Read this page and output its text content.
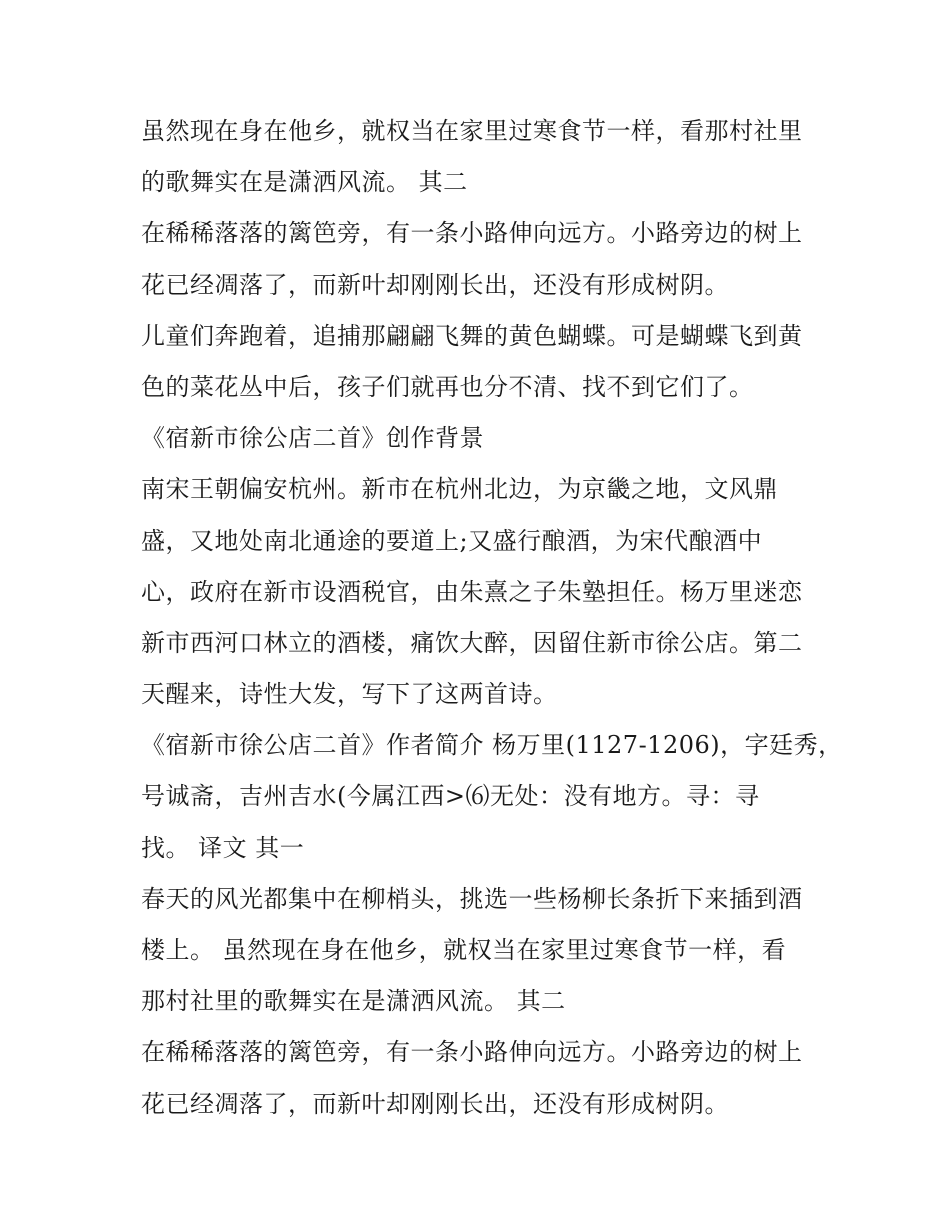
虽然现在身在他乡，就权当在家里过寒食节一样，看那村社里
的歌舞实在是潇洒风流。 其二
在稀稀落落的篱笆旁，有一条小路伸向远方。小路旁边的树上
花已经凋落了，而新叶却刚刚长出，还没有形成树阴。
儿童们奔跑着，追捕那翩翩飞舞的黄色蝴蝶。可是蝴蝶飞到黄
色的菜花丛中后，孩子们就再也分不清、找不到它们了。
《宿新市徐公店二首》创作背景
南宋王朝偏安杭州。新市在杭州北边，为京畿之地，文风鼎
盛，又地处南北通途的要道上;又盛行酿酒，为宋代酿酒中
心，政府在新市设酒税官，由朱熹之子朱塾担任。杨万里迷恋
新市西河口林立的酒楼，痛饮大醉，因留住新市徐公店。第二
天醒来，诗性大发，写下了这两首诗。
《宿新市徐公店二首》作者简介 杨万里(1127-1206)，字廷秀，
号诚斋，吉州吉水(今属江西>⑹无处：没有地方。寻：寻
找。 译文 其一
春天的风光都集中在柳梢头，挑选一些杨柳长条折下来插到酒
楼上。 虽然现在身在他乡，就权当在家里过寒食节一样，看
那村社里的歌舞实在是潇洒风流。 其二
在稀稀落落的篱笆旁，有一条小路伸向远方。小路旁边的树上
花已经凋落了，而新叶却刚刚长出，还没有形成树阴。
